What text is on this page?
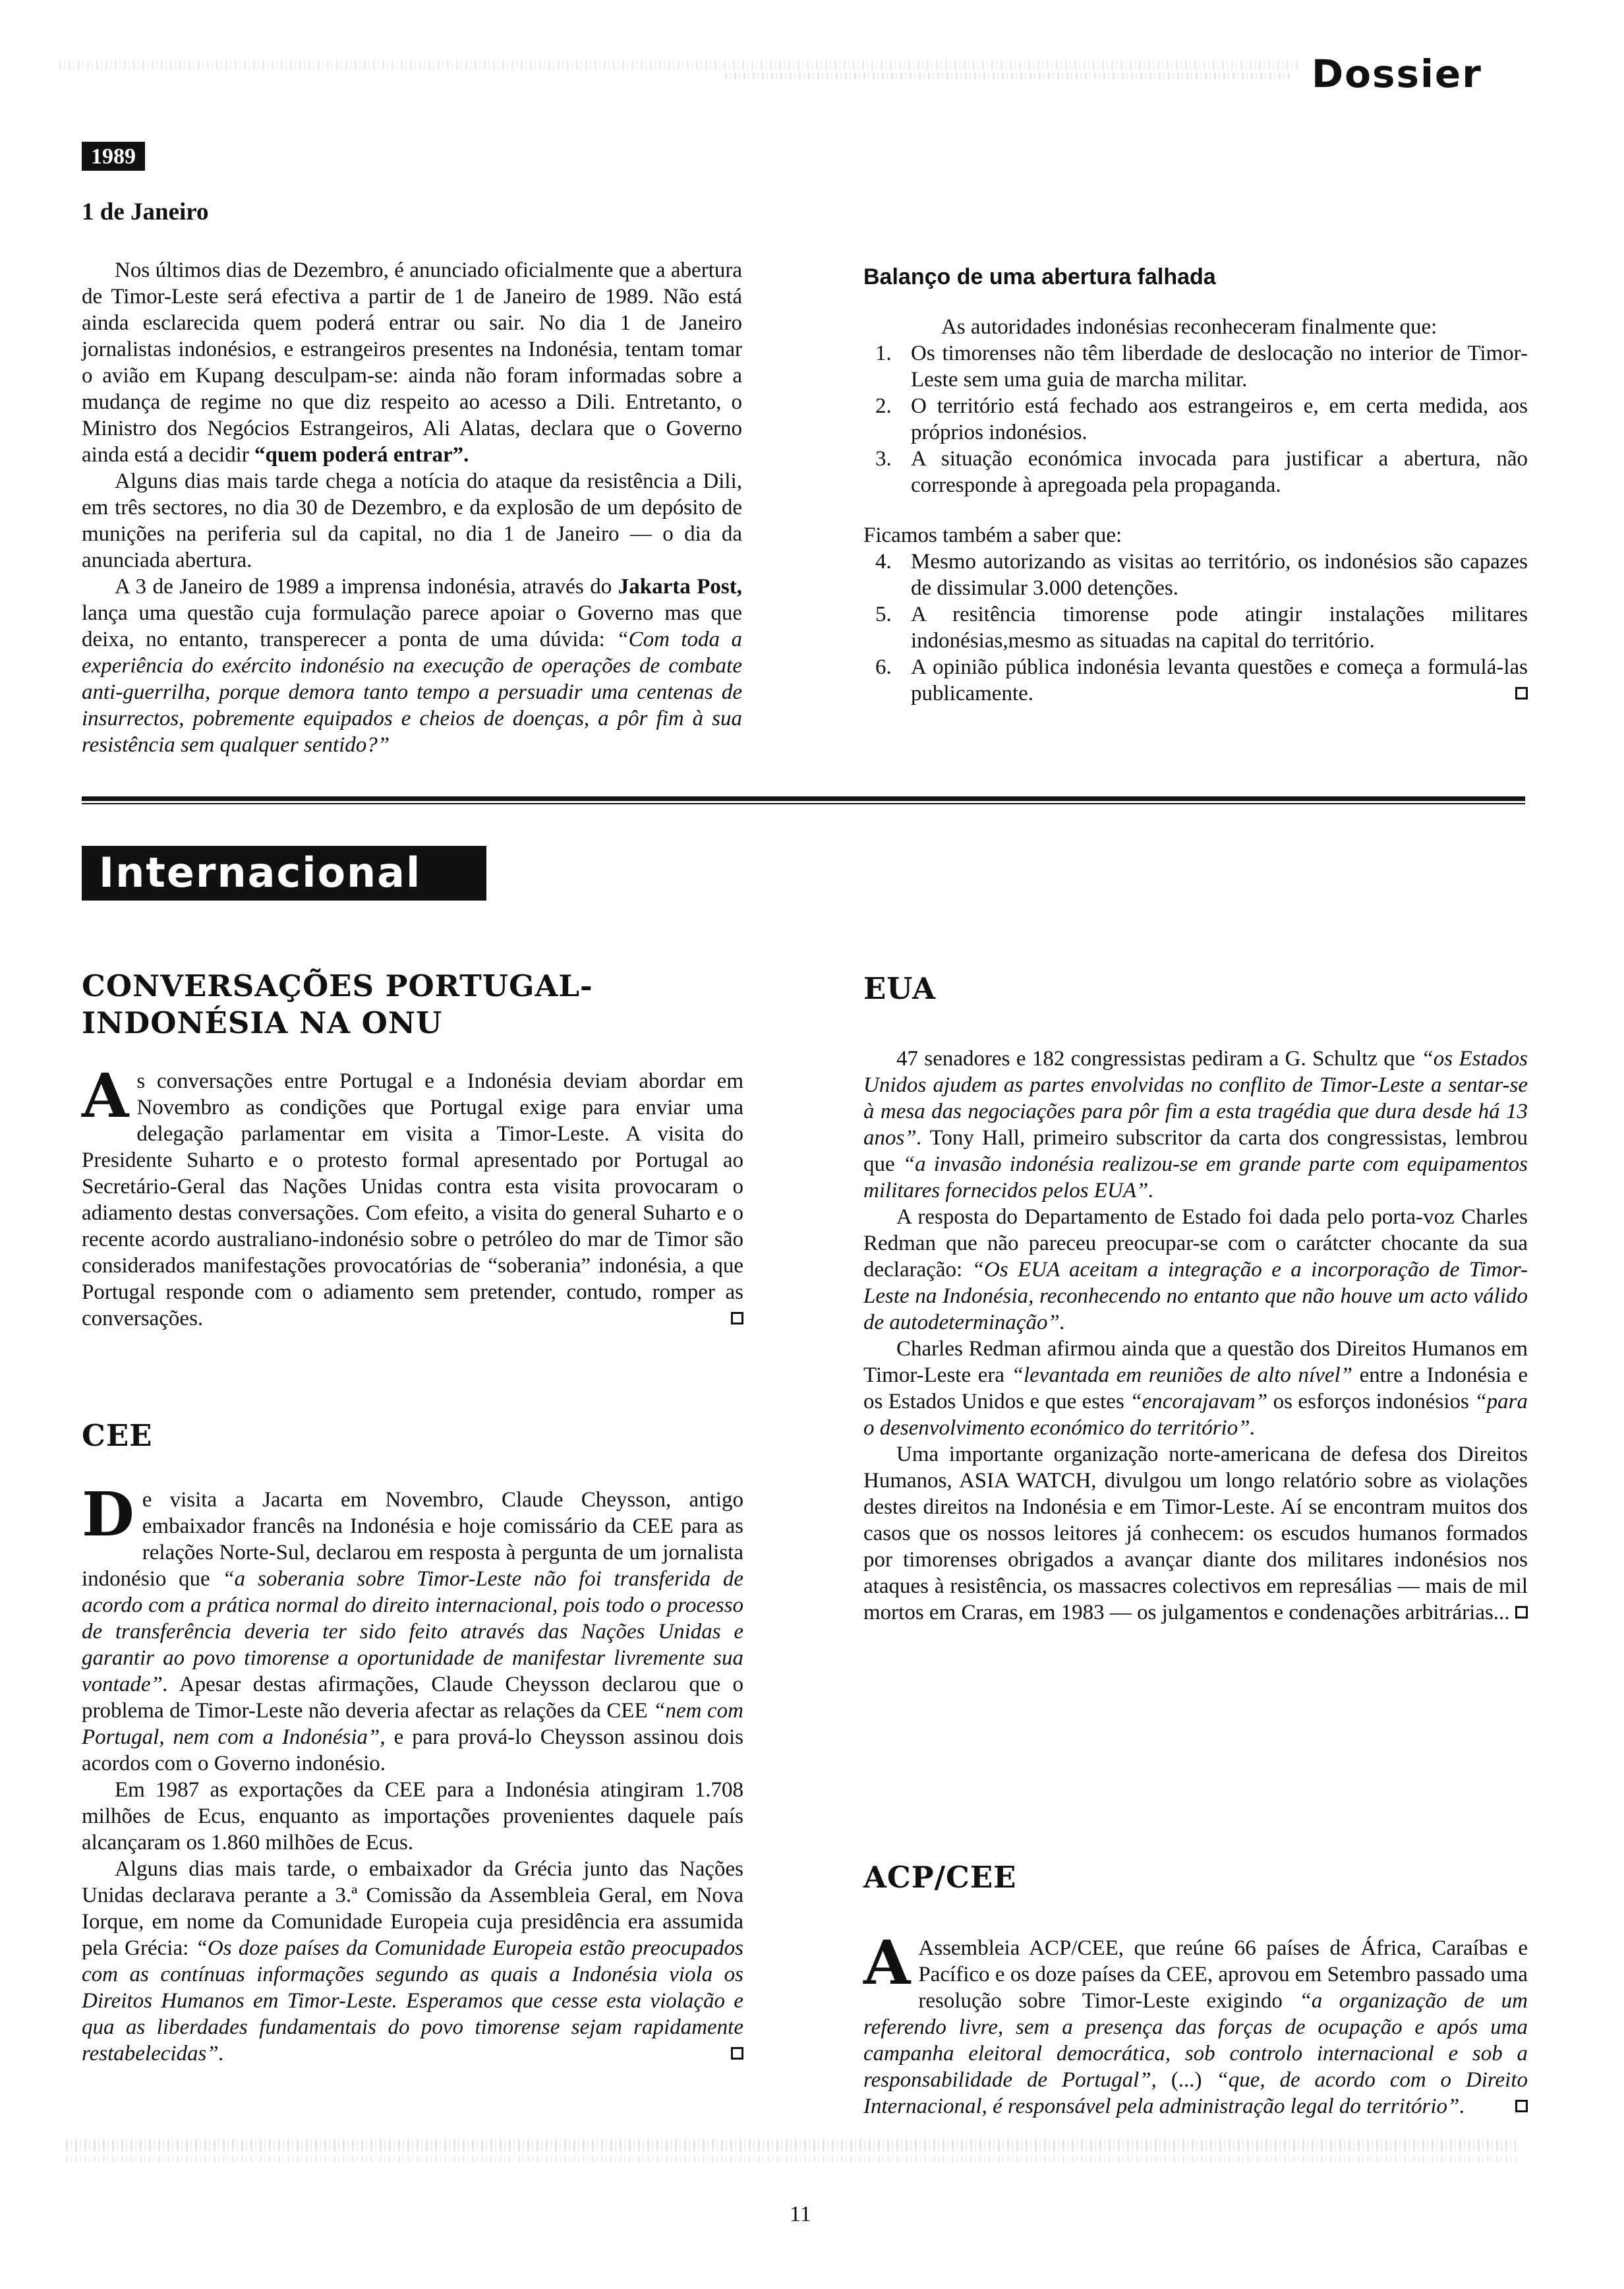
Dossier
1989
1 de Janeiro

Nos últimos dias de Dezembro, é anunciado oficialmente que a abertura de Timor-Leste será efectiva a partir de 1 de Janeiro de 1989. Não está ainda esclarecida quem poderá entrar ou sair. No dia 1 de Janeiro jornalistas indonésios, e estrangeiros presentes na Indonésia, tentam tomar o avião em Kupang desculpam-se: ainda não foram informadas sobre a mudança de regime no que diz respeito ao acesso a Dili. Entretanto, o Ministro dos Negócios Estrangeiros, Ali Alatas, declara que o Governo ainda está a decidir “quem poderá entrar”.

Alguns dias mais tarde chega a notícia do ataque da resistência a Dili, em três sectores, no dia 30 de Dezembro, e da explosão de um depósito de munições na periferia sul da capital, no dia 1 de Janeiro — o dia da anunciada abertura.

A 3 de Janeiro de 1989 a imprensa indonésia, através do Jakarta Post, lança uma questão cuja formulação parece apoiar o Governo mas que deixa, no entanto, transperecer a ponta de uma dúvida: “Com toda a experiência do exército indonésio na execução de operações de combate anti-guerrilha, porque demora tanto tempo a persuadir uma centenas de insurrectos, pobremente equipados e cheios de doenças, a pôr fim à sua resistência sem qualquer sentido?”

Balanço de uma abertura falhada

As autoridades indonésias reconheceram finalmente que:

1. Os timorenses não têm liberdade de deslocação no interior de Timor-Leste sem uma guia de marcha militar.
2. O território está fechado aos estrangeiros e, em certa medida, aos próprios indonésios.
3. A situação económica invocada para justificar a abertura, não corresponde à apregoada pela propaganda.

Ficamos também a saber que:

4. Mesmo autorizando as visitas ao território, os indonésios são capazes de dissimular 3.000 detenções.
5. A resitência timorense pode atingir instalações militares indonésias,mesmo as situadas na capital do território.
6. A opinião pública indonésia levanta questões e começa a formulá-las publicamente.
Internacional
CONVERSAÇÕES PORTUGAL-INDONÉSIA NA ONU

As conversações entre Portugal e a Indonésia deviam abordar em Novembro as condições que Portugal exige para enviar uma delegação parlamentar em visita a Timor-Leste. A visita do Presidente Suharto e o protesto formal apresentado por Portugal ao Secretário-Geral das Nações Unidas contra esta visita provocaram o adiamento destas conversações. Com efeito, a visita do general Suharto e o recente acordo australiano-indonésio sobre o petróleo do mar de Timor são considerados manifestações provocatórias de “soberania” indonésia, a que Portugal responde com o adiamento sem pretender, contudo, romper as conversações.

CEE

De visita a Jacarta em Novembro, Claude Cheysson, antigo embaixador francês na Indonésia e hoje comissário da CEE para as relações Norte-Sul, declarou em resposta à pergunta de um jornalista indonésio que “a soberania sobre Timor-Leste não foi transferida de acordo com a prática normal do direito internacional, pois todo o processo de transferência deveria ter sido feito através das Nações Unidas e garantir ao povo timorense a oportunidade de manifestar livremente sua vontade”. Apesar destas afirmações, Claude Cheysson declarou que o problema de Timor-Leste não deveria afectar as relações da CEE “nem com Portugal, nem com a Indonésia”, e para prová-lo Cheysson assinou dois acordos com o Governo indonésio.

Em 1987 as exportações da CEE para a Indonésia atingiram 1.708 milhões de Ecus, enquanto as importações provenientes daquele país alcançaram os 1.860 milhões de Ecus.

Alguns dias mais tarde, o embaixador da Grécia junto das Nações Unidas declarava perante a 3.ª Comissão da Assembleia Geral, em Nova Iorque, em nome da Comunidade Europeia cuja presidência era assumida pela Grécia: “Os doze países da Comunidade Europeia estão preocupados com as contínuas informações segundo as quais a Indonésia viola os Direitos Humanos em Timor-Leste. Esperamos que cesse esta violação e qua as liberdades fundamentais do povo timorense sejam rapidamente restabelecidas”.

EUA

47 senadores e 182 congressistas pediram a G. Schultz que “os Estados Unidos ajudem as partes envolvidas no conflito de Timor-Leste a sentar-se à mesa das negociações para pôr fim a esta tragédia que dura desde há 13 anos”. Tony Hall, primeiro subscritor da carta dos congressistas, lembrou que “a invasão indonésia realizou-se em grande parte com equipamentos militares fornecidos pelos EUA”.

A resposta do Departamento de Estado foi dada pelo porta-voz Charles Redman que não pareceu preocupar-se com o carátcter chocante da sua declaração: “Os EUA aceitam a integração e a incorporação de Timor-Leste na Indonésia, reconhecendo no entanto que não houve um acto válido de autodeterminação”.

Charles Redman afirmou ainda que a questão dos Direitos Humanos em Timor-Leste era “levantada em reuniões de alto nível” entre a Indonésia e os Estados Unidos e que estes “encorajavam” os esforços indonésios “para o desenvolvimento económico do território”.

Uma importante organização norte-americana de defesa dos Direitos Humanos, ASIA WATCH, divulgou um longo relatório sobre as violações destes direitos na Indonésia e em Timor-Leste. Aí se encontram muitos dos casos que os nossos leitores já conhecem: os escudos humanos formados por timorenses obrigados a avançar diante dos militares indonésios nos ataques à resistência, os massacres colectivos em represálias — mais de mil mortos em Craras, em 1983 — os julgamentos e condenações arbitrárias...

ACP/CEE

A Assembleia ACP/CEE, que reúne 66 países de África, Caraíbas e Pacífico e os doze países da CEE, aprovou em Setembro passado uma resolução sobre Timor-Leste exigindo “a organização de um referendo livre, sem a presença das forças de ocupação e após uma campanha eleitoral democrática, sob controlo internacional e sob a responsabilidade de Portugal”, (...) “que, de acordo com o Direito Internacional, é responsável pela administração legal do território”.

11
